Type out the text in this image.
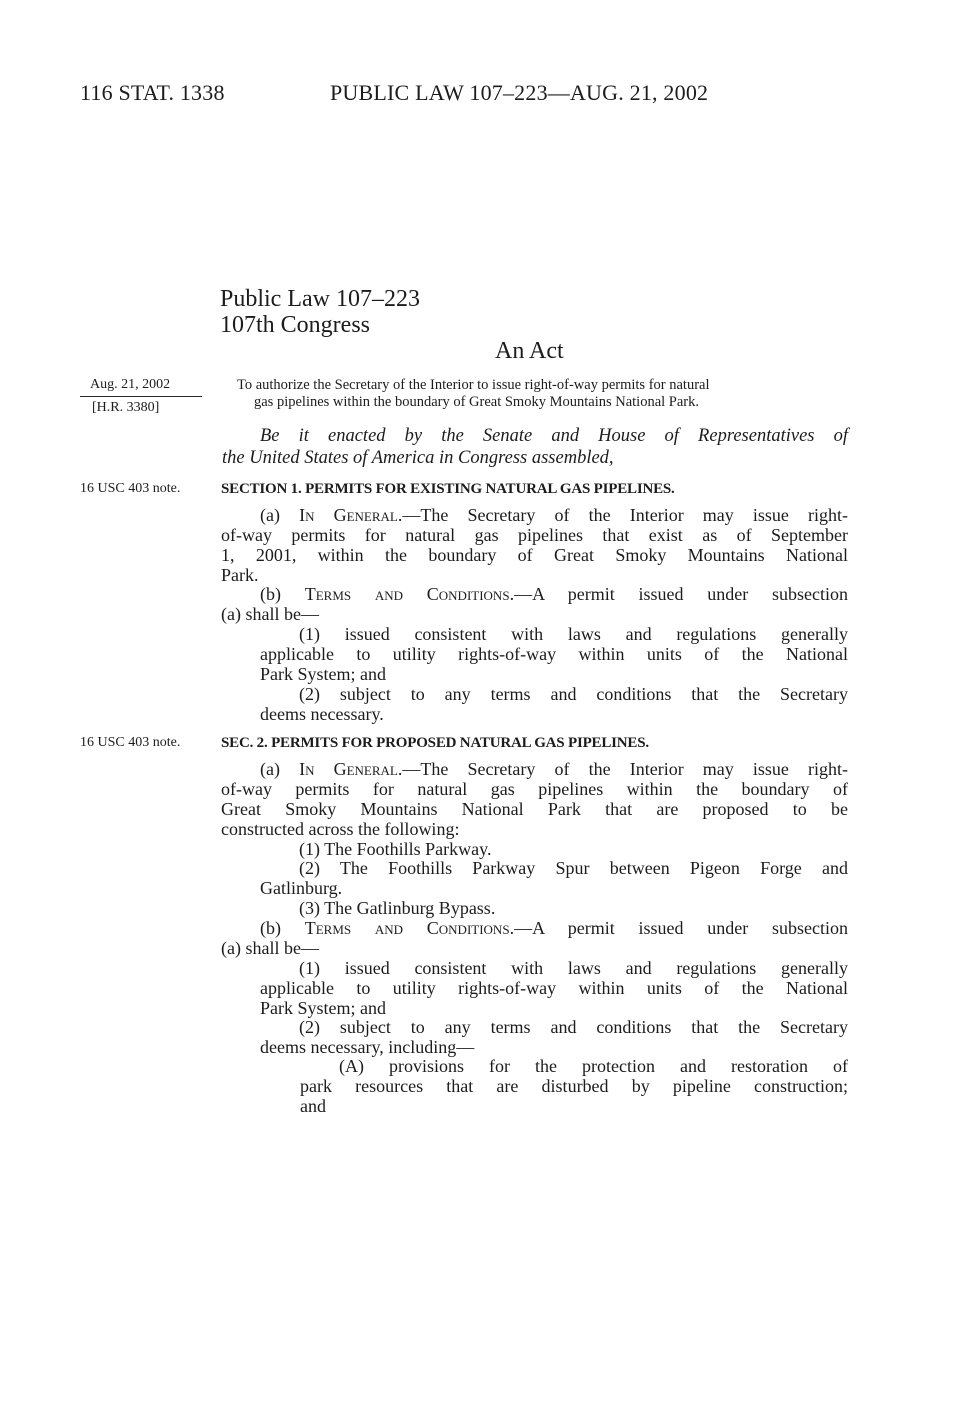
116 STAT. 1338	PUBLIC LAW 107–223—AUG. 21, 2002
Public Law 107–223
107th Congress
An Act
Aug. 21, 2002
[H.R. 3380]
16 USC 403 note.
16 USC 403 note.
To authorize the Secretary of the Interior to issue right-of-way permits for natural
gas pipelines within the boundary of Great Smoky Mountains National Park.
Be it enacted by the Senate and House of Representatives of
the United States of America in Congress assembled,
SECTION 1. PERMITS FOR EXISTING NATURAL GAS PIPELINES.
(a) In General.—The Secretary of the Interior may issue right-
of-way permits for natural gas pipelines that exist as of September
1, 2001, within the boundary of Great Smoky Mountains National
Park.
(b) Terms and Conditions.—A permit issued under subsection
(a) shall be—
(1) issued consistent with laws and regulations generally
applicable to utility rights-of-way within units of the National
Park System; and
(2) subject to any terms and conditions that the Secretary
deems necessary.
SEC. 2. PERMITS FOR PROPOSED NATURAL GAS PIPELINES.
(a) In General.—The Secretary of the Interior may issue right-
of-way permits for natural gas pipelines within the boundary of
Great Smoky Mountains National Park that are proposed to be
constructed across the following:
(1) The Foothills Parkway.
(2) The Foothills Parkway Spur between Pigeon Forge and
Gatlinburg.
(3) The Gatlinburg Bypass.
(b) Terms and Conditions.—A permit issued under subsection
(a) shall be—
(1) issued consistent with laws and regulations generally
applicable to utility rights-of-way within units of the National
Park System; and
(2) subject to any terms and conditions that the Secretary
deems necessary, including—
(A) provisions for the protection and restoration of
park resources that are disturbed by pipeline construction;
and
